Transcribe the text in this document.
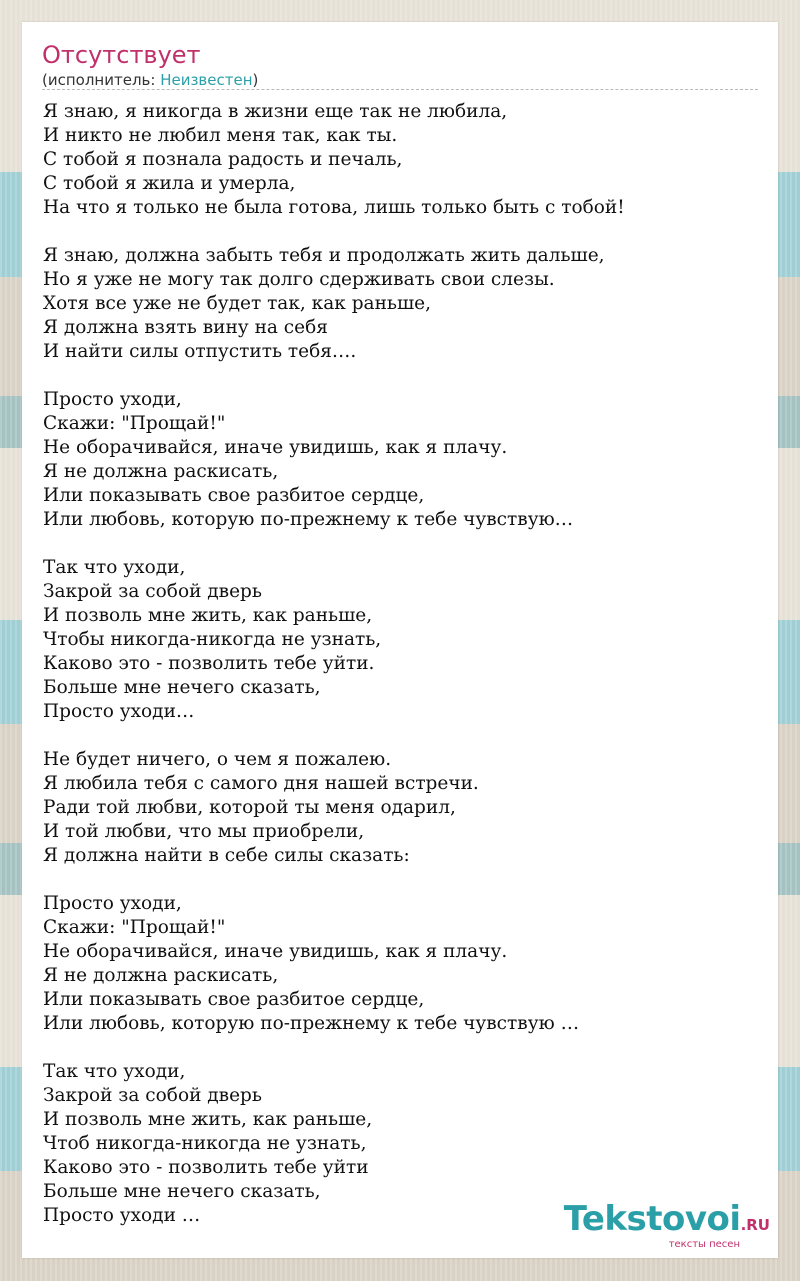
Отсутствует
(исполнитель: Неизвестен)
Я знаю, я никогда в жизни еще так не любила,
И никто не любил меня так, как ты.
С тобой я познала радость и печаль,
С тобой я жила и умерла,
На что я только не была готова, лишь только быть с тобой!
Я знаю, должна забыть тебя и продолжать жить дальше,
Но я уже не могу так долго сдерживать свои слезы.
Хотя все уже не будет так, как раньше,
Я должна взять вину на себя
И найти силы отпустить тебя….
Просто уходи,
Скажи: "Прощай!"
Не оборачивайся, иначе увидишь, как я плачу.
Я не должна раскисать,
Или показывать свое разбитое сердце,
Или любовь, которую по-прежнему к тебе чувствую…
Так что уходи,
Закрой за собой дверь
И позволь мне жить, как раньше,
Чтобы никогда-никогда не узнать,
Каково это - позволить тебе уйти.
Больше мне нечего сказать,
Просто уходи…
Не будет ничего, о чем я пожалею.
Я любила тебя с самого дня нашей встречи.
Ради той любви, которой ты меня одарил,
И той любви, что мы приобрели,
Я должна найти в себе силы сказать:
Просто уходи,
Скажи: "Прощай!"
Не оборачивайся, иначе увидишь, как я плачу.
Я не должна раскисать,
Или показывать свое разбитое сердце,
Или любовь, которую по-прежнему к тебе чувствую …
Так что уходи,
Закрой за собой дверь
И позволь мне жить, как раньше,
Чтоб никогда-никогда не узнать,
Каково это - позволить тебе уйти
Больше мне нечего сказать,
Просто уходи …	Tekstovoi.RU
тексты песен
